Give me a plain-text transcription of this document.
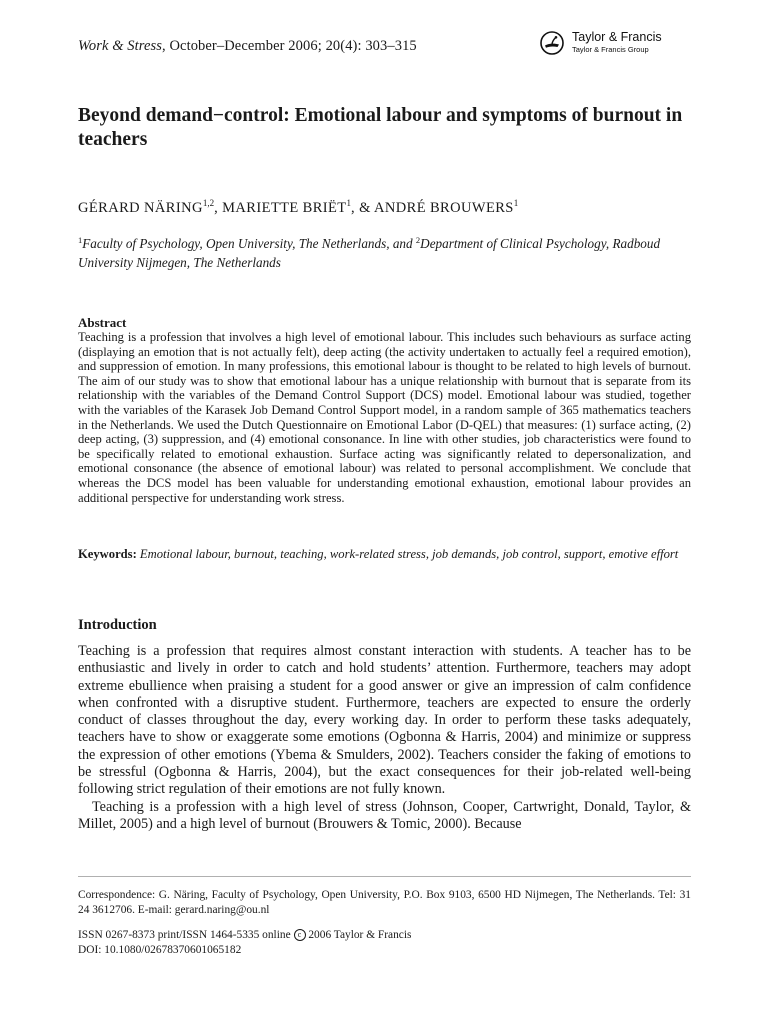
Work & Stress, October–December 2006; 20(4): 303–315
Taylor & Francis
Taylor & Francis Group
Beyond demand−control: Emotional labour and symptoms of burnout in teachers
GÉRARD NÄRING$^{1,2}$, MARIETTE BRIËT$^1$, & ANDRÉ BROUWERS$^1$
$^1$Faculty of Psychology, Open University, The Netherlands, and $^2$Department of Clinical Psychology, Radboud University Nijmegen, The Netherlands
Abstract

Teaching is a profession that involves a high level of emotional labour. This includes such behaviours as surface acting (displaying an emotion that is not actually felt), deep acting (the activity undertaken to actually feel a required emotion), and suppression of emotion. In many professions, this emotional labour is thought to be related to high levels of burnout. The aim of our study was to show that emotional labour has a unique relationship with burnout that is separate from its relationship with the variables of the Demand Control Support (DCS) model. Emotional labour was studied, together with the variables of the Karasek Job Demand Control Support model, in a random sample of 365 mathematics teachers in the Netherlands. We used the Dutch Questionnaire on Emotional Labor (D-QEL) that measures: (1) surface acting, (2) deep acting, (3) suppression, and (4) emotional consonance. In line with other studies, job characteristics were found to be specifically related to emotional exhaustion. Surface acting was significantly related to depersonalization, and emotional consonance (the absence of emotional labour) was related to personal accomplishment. We conclude that whereas the DCS model has been valuable for understanding emotional exhaustion, emotional labour provides an additional perspective for understanding work stress.

Keywords: Emotional labour, burnout, teaching, work-related stress, job demands, job control, support, emotive effort

Introduction

Teaching is a profession that requires almost constant interaction with students. A teacher has to be enthusiastic and lively in order to catch and hold students’ attention. Furthermore, teachers may adopt extreme ebullience when praising a student for a good answer or give an impression of calm confidence when confronted with a disruptive student. Furthermore, teachers are expected to ensure the orderly conduct of classes throughout the day, every working day. In order to perform these tasks adequately, teachers have to show or exaggerate some emotions (Ogbonna & Harris, 2004) and minimize or suppress the expression of other emotions (Ybema & Smulders, 2002). Teachers consider the faking of emotions to be stressful (Ogbonna & Harris, 2004), but the exact consequences for their job-related well-being following strict regulation of their emotions are not fully known.

Teaching is a profession with a high level of stress (Johnson, Cooper, Cartwright, Donald, Taylor, & Millet, 2005) and a high level of burnout (Brouwers & Tomic, 2000). Because

Correspondence: G. Näring, Faculty of Psychology, Open University, P.O. Box 9103, 6500 HD Nijmegen, The Netherlands. Tel: 31 24 3612706. E-mail: gerard.naring@ou.nl

ISSN 0267-8373 print/ISSN 1464-5335 online c 2006 Taylor & Francis
DOI: 10.1080/02678370601065182
